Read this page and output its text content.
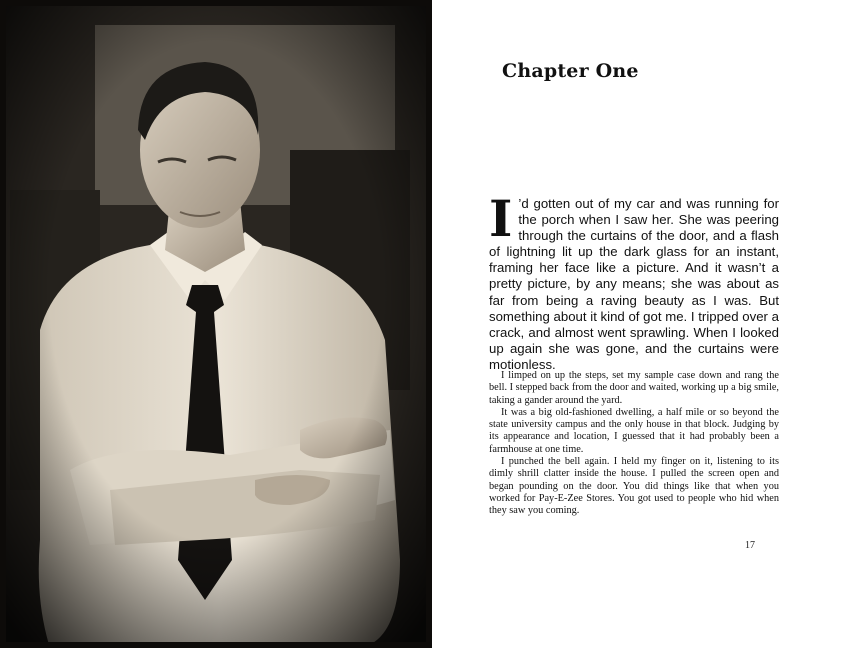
Chapter One

I ’d gotten out of my car and was running for the porch when I saw her. She was peering through the curtains of the door, and a flash of lightning lit up the dark glass for an instant, framing her face like a picture. And it wasn’t a pretty picture, by any means; she was about as far from being a raving beauty as I was. But something about it kind of got me. I tripped over a crack, and almost went sprawling. When I looked up again she was gone, and the curtains were motionless.

I limped on up the steps, set my sample case down and rang the bell. I stepped back from the door and waited, working up a big smile, taking a gander around the yard.

It was a big old-fashioned dwelling, a half mile or so beyond the state university campus and the only house in that block. Judging by its appearance and location, I guessed that it had probably been a farmhouse at one time.

I punched the bell again. I held my finger on it, listening to its dimly shrill clatter inside the house. I pulled the screen open and began pounding on the door. You did things like that when you worked for Pay-E-Zee Stores. You got used to people who hid when they saw you coming.

17
